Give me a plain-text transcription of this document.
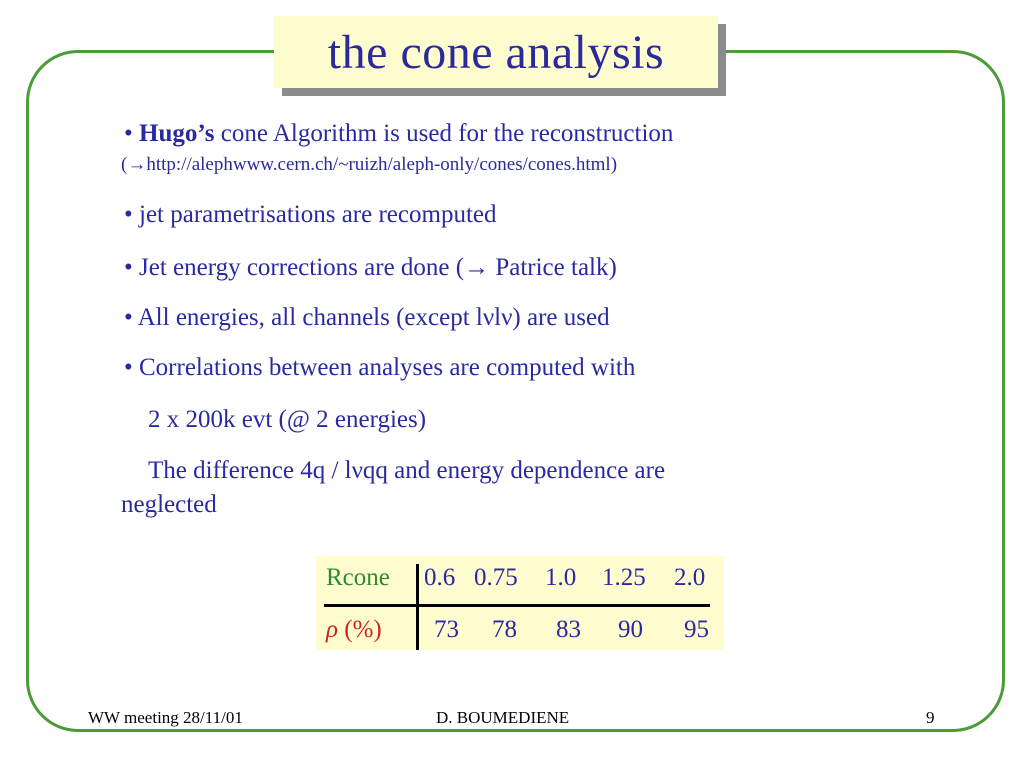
the cone analysis
• Hugo’s cone Algorithm is used for the reconstruction
(→http://alephwww.cern.ch/~ruizh/aleph-only/cones/cones.html)
• jet parametrisations are recomputed
• Jet energy corrections are done (→ Patrice talk)
• All energies, all channels (except lνlν) are used
• Correlations between analyses are computed with
2 x 200k evt (@ 2 energies)
The difference 4q / lνqq and energy dependence are
neglected
Rcone 0.6 0.75 1.0 1.25 2.0
ρ (%) 73 78 83 90 95
WW meeting 28/11/01	D. BOUMEDIENE	9
